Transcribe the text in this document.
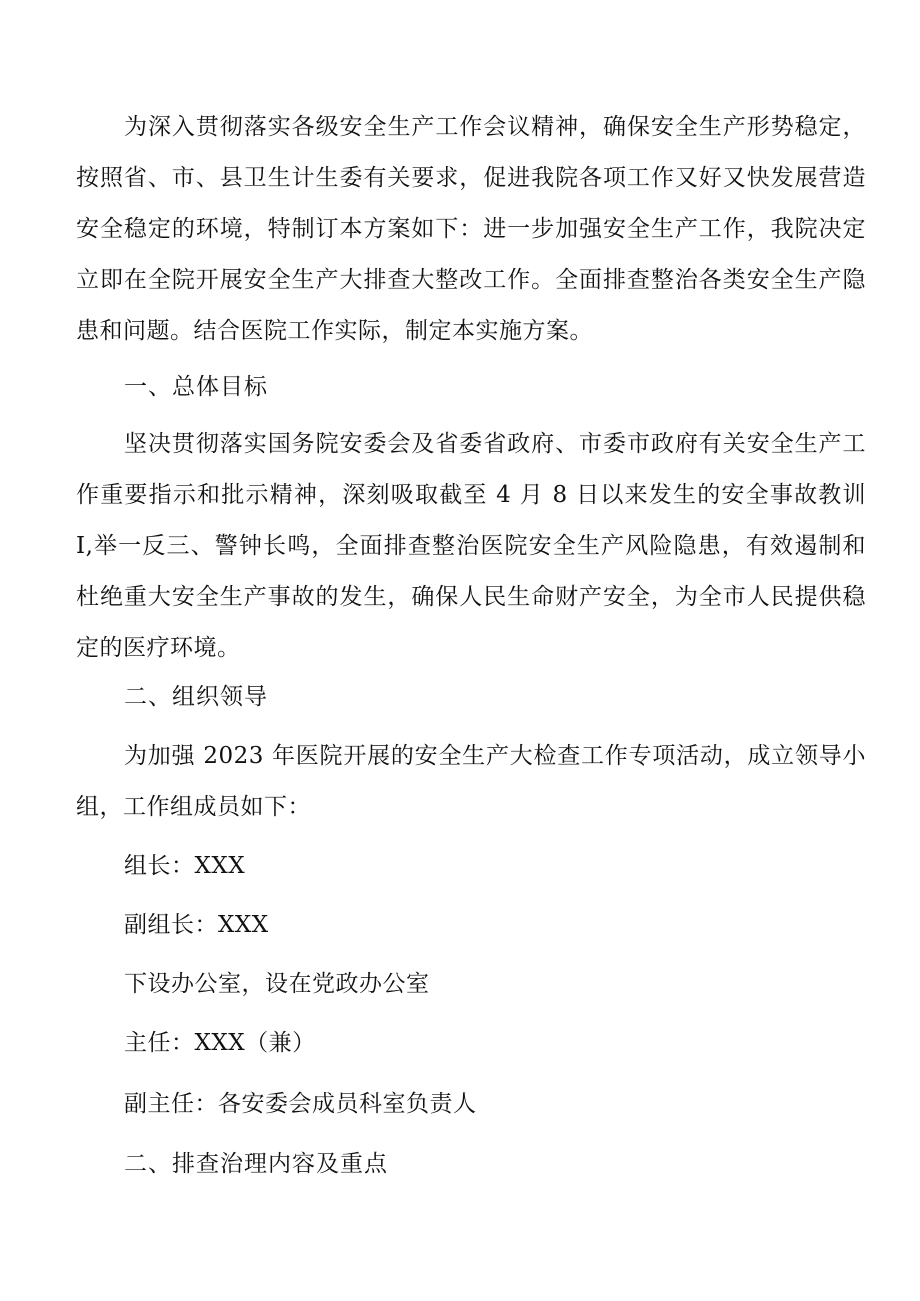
为深入贯彻落实各级安全生产工作会议精神，确保安全生产形势稳定，按照省、市、县卫生计生委有关要求，促进我院各项工作又好又快发展营造安全稳定的环境，特制订本方案如下：进一步加强安全生产工作，我院决定立即在全院开展安全生产大排查大整改工作。全面排查整治各类安全生产隐患和问题。结合医院工作实际，制定本实施方案。

一、总体目标

坚决贯彻落实国务院安委会及省委省政府、市委市政府有关安全生产工作重要指示和批示精神，深刻吸取截至 4 月 8 日以来发生的安全事故教训 I,举一反三、警钟长鸣，全面排查整治医院安全生产风险隐患，有效遏制和杜绝重大安全生产事故的发生，确保人民生命财产安全，为全市人民提供稳定的医疗环境。

二、组织领导

为加强 2023 年医院开展的安全生产大检查工作专项活动，成立领导小组，工作组成员如下：

组长：XXX

副组长：XXX

下设办公室，设在党政办公室

主任：XXX（兼）

副主任：各安委会成员科室负责人

二、排查治理内容及重点
